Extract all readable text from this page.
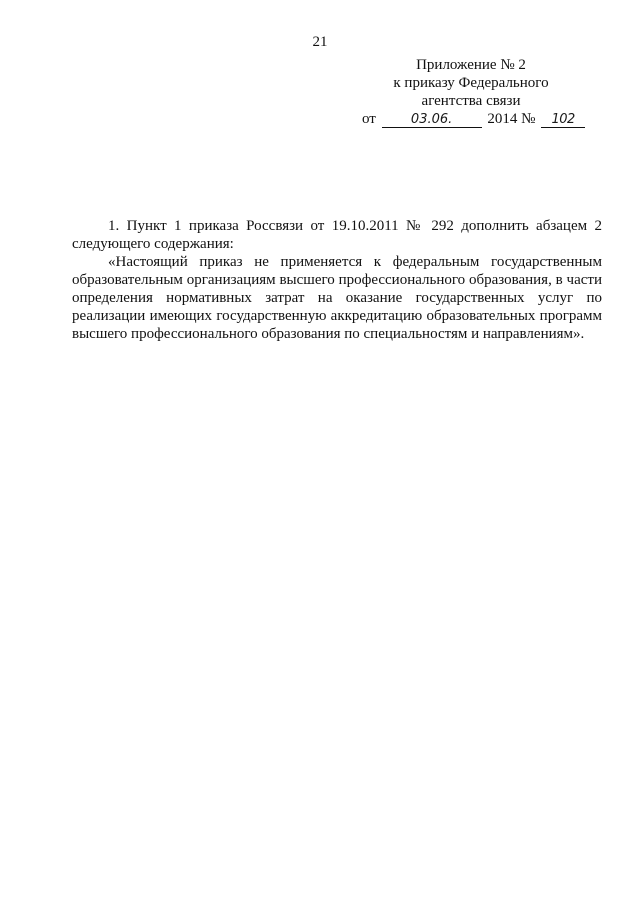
21
Приложение № 2
к приказу Федерального
агентства связи
от	03.06. 2014 № 102

1. Пункт 1 приказа Россвязи от 19.10.2011 № 292 дополнить абзацем 2 следующего содержания:

«Настоящий приказ не применяется к федеральным государственным образовательным организациям высшего профессионального образования, в части определения нормативных затрат на оказание государственных услуг по реализации имеющих государственную аккредитацию образовательных программ высшего профессионального образования по специальностям и направлениям».
